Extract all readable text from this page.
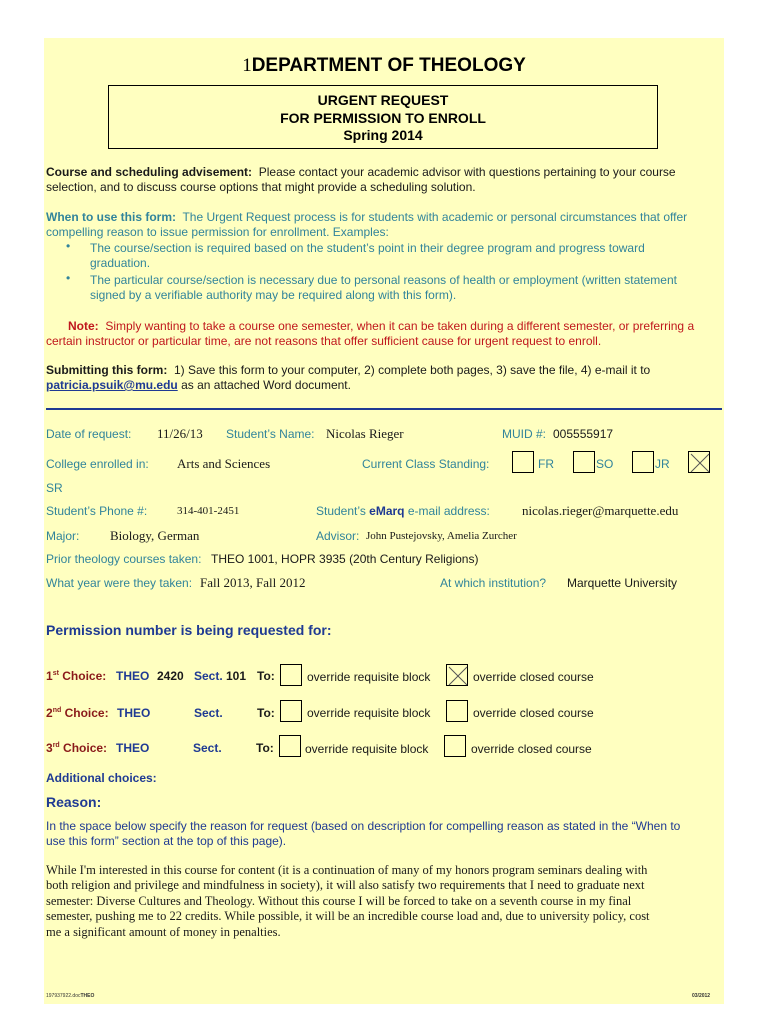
1DEPARTMENT OF THEOLOGY
URGENT REQUEST
FOR PERMISSION TO ENROLL
Spring 2014
Course and scheduling advisement: Please contact your academic advisor with questions pertaining to your course
selection, and to discuss course options that might provide a scheduling solution.
When to use this form: The Urgent Request process is for students with academic or personal circumstances that offer
compelling reason to issue permission for enrollment. Examples:
• The course/section is required based on the student’s point in their degree program and progress toward
graduation.
• The particular course/section is necessary due to personal reasons of health or employment (written statement
signed by a verifiable authority may be required along with this form).
Note: Simply wanting to take a course one semester, when it can be taken during a different semester, or preferring a
certain instructor or particular time, are not reasons that offer sufficient cause for urgent request to enroll.
Submitting this form: 1) Save this form to your computer, 2) complete both pages, 3) save the file, 4) e-mail it to
patricia.psuik@mu.edu as an attached Word document.
Date of request: 11/26/13 Student’s Name: Nicolas Rieger	MUID #: 005555917
College enrolled in: Arts and Sciences	Current Class Standing:	FR	SO	JR
SR
Student’s Phone #:	314-401-2451	Student’s eMarq e-mail address: nicolas.rieger@marquette.edu
Major: Biology, German	Advisor: John Pustejovsky, Amelia Zurcher
Prior theology courses taken: THEO 1001, HOPR 3935 (20th Century Religions)
What year were they taken: Fall 2013, Fall 2012	At which institution? Marquette University
Permission number is being requested for:
1st Choice: THEO 2420 Sect. 101 To:	override requisite block	override closed course
2nd Choice: THEO	Sect.	To:	override requisite block	override closed course
3rd Choice: THEO	Sect.	To:	override requisite block	override closed course
Additional choices:
Reason:
In the space below specify the reason for request (based on description for compelling reason as stated in the “When to
use this form” section at the top of this page).
While I'm interested in this course for content (it is a continuation of many of my honors program seminars dealing with
both religion and privilege and mindfulness in society), it will also satisfy two requirements that I need to graduate next
semester: Diverse Cultures and Theology. Without this course I will be forced to take on a seventh course in my final
semester, pushing me to 22 credits. While possible, it will be an incredible course load and, due to university policy, cost
me a significant amount of money in penalties.
197937922.docTHEO	03/2012
